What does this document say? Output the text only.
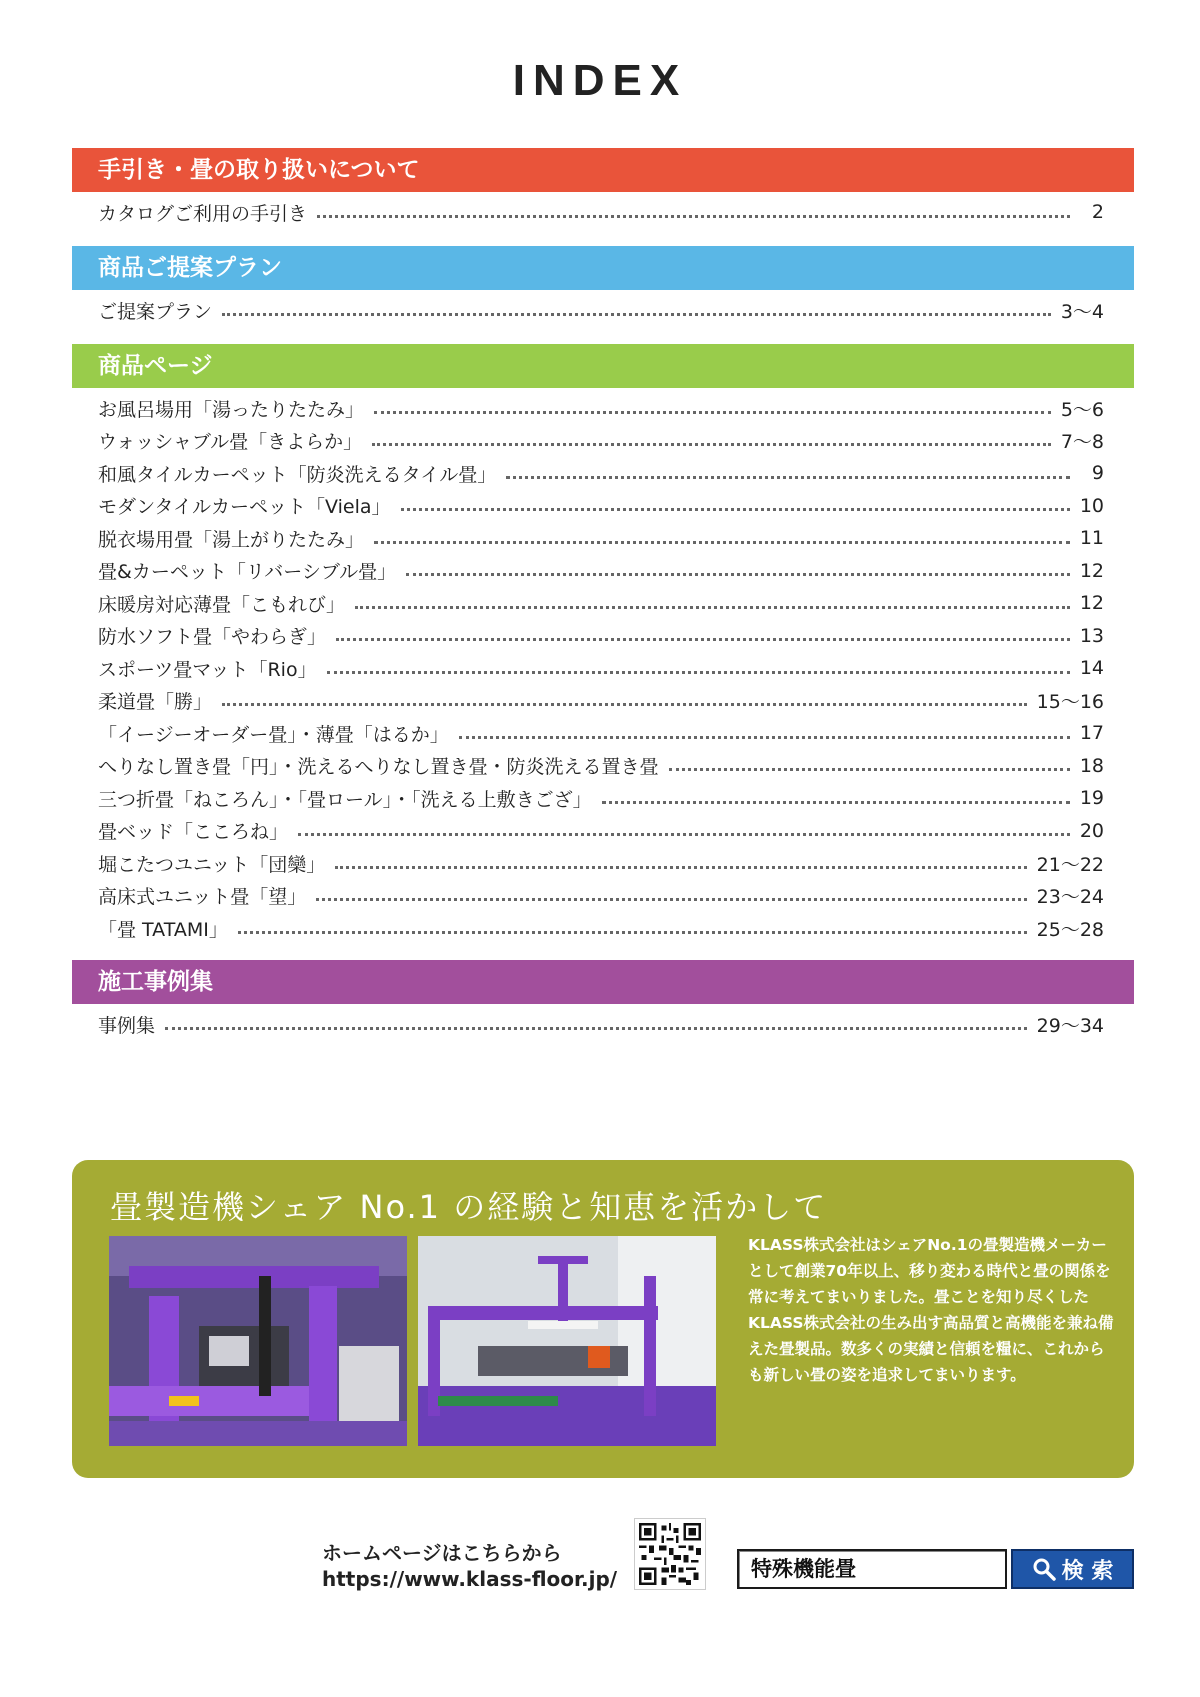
INDEX
手引き・畳の取り扱いについて
カタログご利用の手引き	2
商品ご提案プラン
ご提案プラン	3～4
商品ページ
お風呂場用「湯ったりたたみ」	5～6
ウォッシャブル畳「きよらか」	7～8
和風タイルカーペット「防炎洗えるタイル畳」	9
モダンタイルカーペット「Viela」	10
脱衣場用畳「湯上がりたたみ」	11
畳&カーペット「リバーシブル畳」	12
床暖房対応薄畳「こもれび」	12
防水ソフト畳「やわらぎ」	13
スポーツ畳マット「Rio」	14
柔道畳「勝」	15～16
「イージーオーダー畳」・薄畳「はるか」	17
へりなし置き畳「円」・洗えるへりなし置き畳・防炎洗える置き畳	18
三つ折畳「ねころん」・「畳ロール」・「洗える上敷きござ」	19
畳ベッド「こころね」	20
堀こたつユニット「団欒」	21～22
高床式ユニット畳「望」	23～24
「畳 TATAMI」	25～28
施工事例集
事例集	29～34
畳製造機シェア No.1 の経験と知恵を活かして
KLASS株式会社はシェアNo.1の畳製造機メーカーとして創業70年以上、移り変わる時代と畳の関係を常に考えてまいりました。畳ことを知り尽くしたKLASS株式会社の生み出す高品質と高機能を兼ね備えた畳製品。数多くの実績と信頼を糧に、これからも新しい畳の姿を追求してまいります。
ホームページはこちらから
https://www.klass-floor.jp/	特殊機能畳	検 索
